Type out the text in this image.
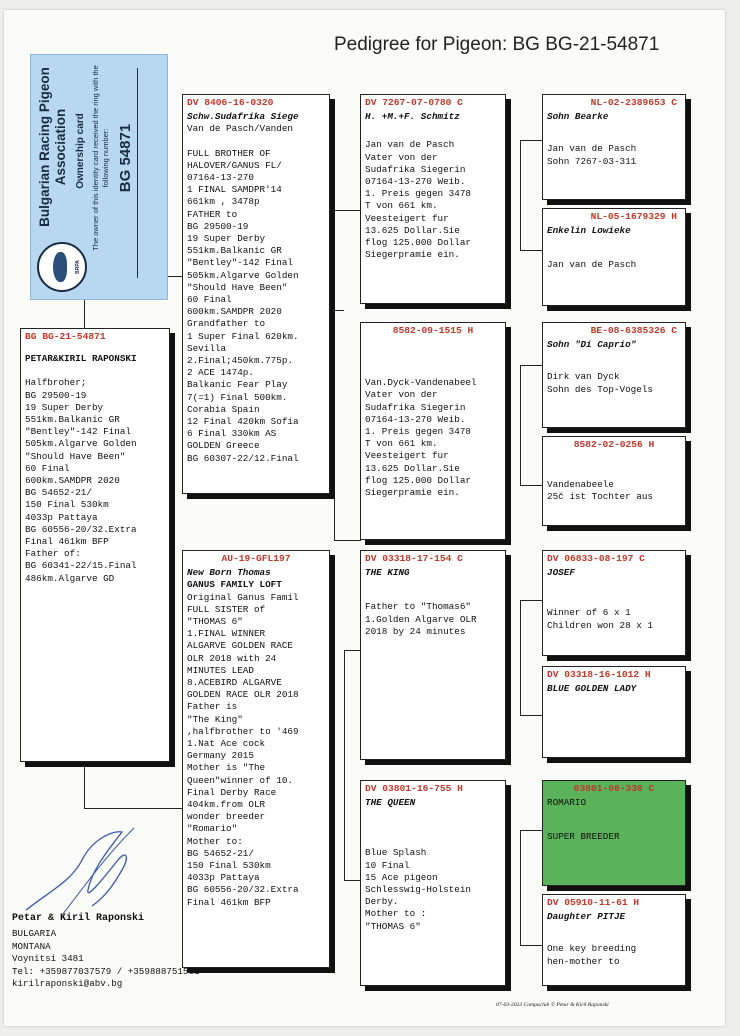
Pedigree for Pigeon: BG BG-21-54871
BRPA
Bulgarian Racing Pigeon Association Ownership card The owner of this identity card received the ring with the following number: BG 54871
BG BG-21-54871
PETAR&KIRIL RAPONSKI
Halfbroher;
BG 29500-19
19 Super Derby
551km.Balkanic GR
"Bentley"-142 Final
505km.Algarve Golden
"Should Have Been"
60 Final
600km.SAMDPR 2020
BG 54652-21/
150 Final 530km
4033p Pattaya
BG 60556-20/32.Extra
Final 461km BFP
Father of:
BG 60341-22/15.Final
486km.Algarve GD
DV 8406-16-0320
Schw.Sudafrika Siege
Van de Pasch/Vanden
FULL BROTHER OF
HALOVER/GANUS FL/
07164-13-270
1 FINAL SAMDPR'14
661km , 3478p
FATHER to
BG 29500-19
19 Super Derby
551km.Balkanic GR
"Bentley"-142 Final
505km.Algarve Golden
"Should Have Been"
60 Final
600km.SAMDPR 2020
Grandfather to
1 Super Final 620km.
Sevilla
2.Final;450km.775p.
2 ACE 1474p.
Balkanic Fear Play
7(=1) Final 500km.
Corabia Spain
12 Final 420km Sofia
6 Final 330km AS
GOLDEN Greece
BG 60307-22/12.Final
AU-19-GFL197
New Born Thomas
GANUS FAMILY LOFT
Original Ganus Famil
FULL SISTER of
"THOMAS 6"
1.FINAL WINNER
ALGARVE GOLDEN RACE
OLR 2018 with 24
MINUTES LEAD
8.ACEBIRD ALGARVE
GOLDEN RACE OLR 2018
Father is
"The King"
,halfbrother to '469
1.Nat Ace cock
Germany 2015
Mother is "The
Queen"winner of 10.
Final Derby Race
404km.from OLR
wonder breeder
"Romario"
Mother to:
BG 54652-21/
150 Final 530km
4033p Pattaya
BG 60556-20/32.Extra
Final 461km BFP
DV 7267-07-0780 C
H. +M.+F. Schmitz
Jan van de Pasch
Vater von der
Sudafrika Siegerin
07164-13-270 Weib.
1. Preis gegen 3478
T von 661 km.
Veesteigert fur
13.625 Dollar.Sie
flog 125.000 Dollar
Siegerpramie ein.
8582-09-1515 H
Van.Dyck-Vandenabeel
Vater von der
Sudafrika Siegerin
07164-13-270 Weib.
1. Preis gegen 3478
T von 661 km.
Veesteigert fur
13.625 Dollar.Sie
flog 125.000 Dollar
Siegerpramie ein.
DV 03318-17-154 C
THE KING
Father to "Thomas6"
1.Golden Algarve OLR
2018 by 24 minutes
DV 03801-16-755 H
THE QUEEN
Blue Splash
10 Final
15 Ace pigeon
Schlesswig-Holstein
Derby.
Mother to :
"THOMAS 6"
NL-02-2389653 C
Sohn Bearke
Jan van de Pasch
Sohn 7267-03-311
NL-05-1679329 H
Enkelin Lowieke
Jan van de Pasch
BE-08-6385326 C
Sohn "Di Caprio"
Dirk van Dyck
Sohn des Top-Vogels
8582-02-0256 H
Vandenabeele
25č ist Tochter aus
DV 06833-08-197 C
JOSEF
Winner of 6 x 1
Children won 28 x 1
DV 03318-16-1012 H
BLUE GOLDEN LADY
03801-06-338 C
ROMARIO
SUPER BREEDER
DV 05910-11-61 H
Daughter PITJE
One key breeding
hen-mother to
Petar & Kiril Raponski
BULGARIA
MONTANA
Voynitsi 3481
Tel: +359877037579 / +359888751561
kirilraponski@abv.bg
07-03-2023 Compuclub © Petar & Kiril Raponski
